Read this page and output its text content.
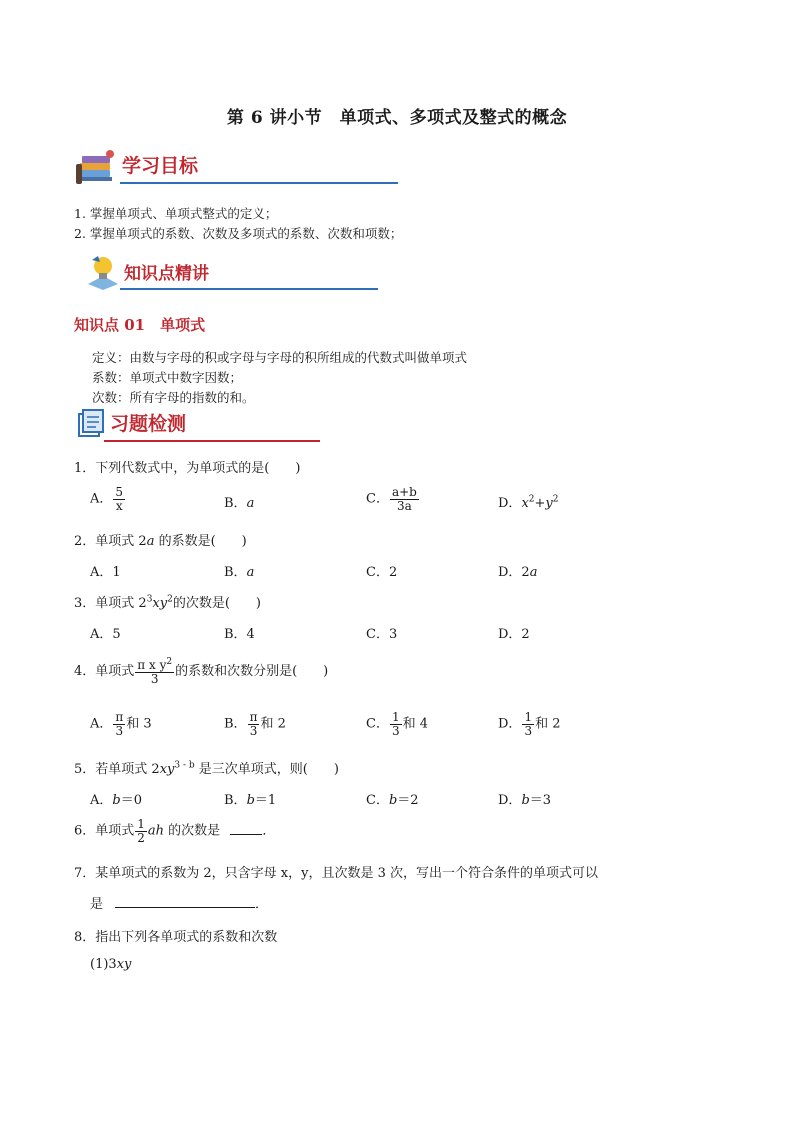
第 6 讲小节　单项式、多项式及整式的概念
学习目标
1. 掌握单项式、单项式整式的定义；
2. 掌握单项式的系数、次数及多项式的系数、次数和项数；
知识点精讲
知识点 01　单项式
定义：由数与字母的积或字母与字母的积所组成的代数式叫做单项式
系数：单项式中数字因数；
次数：所有字母的指数的和。
习题检测
1．下列代数式中，为单项式的是(　　)
A． $\frac{5}{x}$	B．a	C． $\frac{a+b}{3a}$	D．$x^2+y^2$
2．单项式 2a 的系数是(　　)
A．1	B．a	C．2	D．2a
3．单项式 $2^3xy^2$的次数是(　　)
A．5	B．4	C．3	D．2
4．单项式 $\frac{\pi x y^2}{3}$ 的系数和次数分别是(　　)
A． $\frac{\pi}{3}$ 和 3	B． $\frac{\pi}{3}$ 和 2	C． $\frac{1}{3}$ 和 4	D． $\frac{1}{3}$ 和 2
5．若单项式 $2xy^{3 - b}$ 是三次单项式，则(　　)
A．b＝0	B．b＝1	C．b＝2	D．b＝3
6．单项式 $\frac{1}{2}$ ah 的次数是	．
7．某单项式的系数为 2，只含字母 x，y，且次数是 3 次，写出一个符合条件的单项式可以
是	．
8．指出下列各单项式的系数和次数
(1)3xy
